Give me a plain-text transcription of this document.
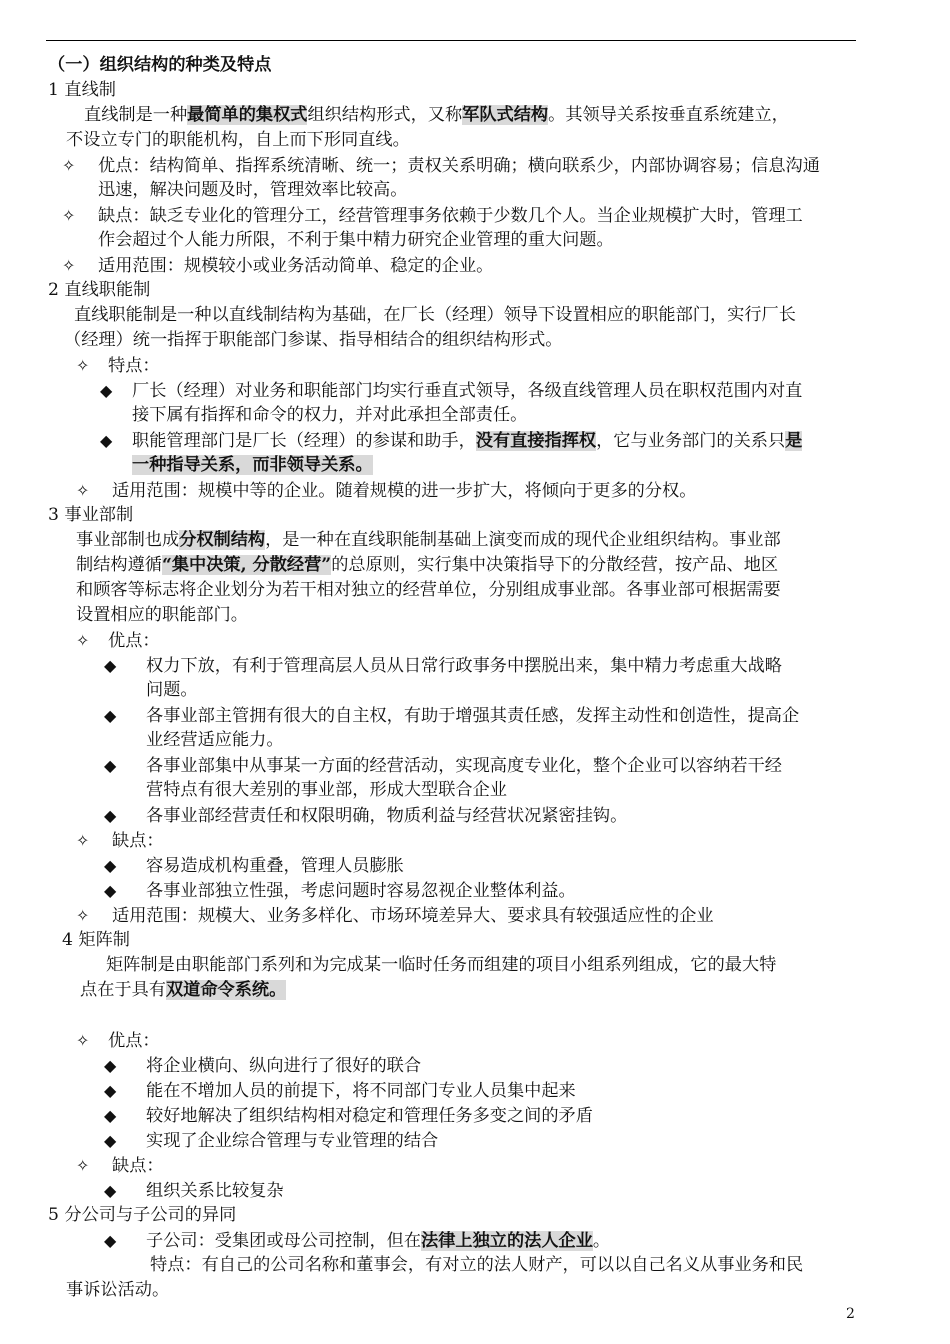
（一）组织结构的种类及特点
1 直线制
直线制是一种最简单的集权式组织结构形式，又称军队式结构。其领导关系按垂直系统建立，
不设立专门的职能机构，自上而下形同直线。
✧ 优点：结构简单、指挥系统清晰、统一；责权关系明确；横向联系少，内部协调容易；信息沟通
迅速，解决问题及时，管理效率比较高。
✧ 缺点：缺乏专业化的管理分工，经营管理事务依赖于少数几个人。当企业规模扩大时，管理工
作会超过个人能力所限，不利于集中精力研究企业管理的重大问题。
✧ 适用范围：规模较小或业务活动简单、稳定的企业。
2 直线职能制
直线职能制是一种以直线制结构为基础，在厂长（经理）领导下设置相应的职能部门，实行厂长
（经理）统一指挥于职能部门参谋、指导相结合的组织结构形式。
✧ 特点：
◆ 厂长（经理）对业务和职能部门均实行垂直式领导，各级直线管理人员在职权范围内对直
接下属有指挥和命令的权力，并对此承担全部责任。
◆ 职能管理部门是厂长（经理）的参谋和助手，没有直接指挥权，它与业务部门的关系只是
一种指导关系，而非领导关系。
✧ 适用范围：规模中等的企业。随着规模的进一步扩大，将倾向于更多的分权。
3 事业部制
事业部制也成分权制结构，是一种在直线职能制基础上演变而成的现代企业组织结构。事业部
制结构遵循“集中决策, 分散经营”的总原则，实行集中决策指导下的分散经营，按产品、地区
和顾客等标志将企业划分为若干相对独立的经营单位，分别组成事业部。各事业部可根据需要
设置相应的职能部门。
✧ 优点：
◆ 权力下放，有利于管理高层人员从日常行政事务中摆脱出来，集中精力考虑重大战略
问题。
◆ 各事业部主管拥有很大的自主权，有助于增强其责任感，发挥主动性和创造性，提高企
业经营适应能力。
◆ 各事业部集中从事某一方面的经营活动，实现高度专业化，整个企业可以容纳若干经
营特点有很大差别的事业部，形成大型联合企业
◆ 各事业部经营责任和权限明确，物质利益与经营状况紧密挂钩。
✧ 缺点：
◆ 容易造成机构重叠，管理人员膨胀
◆ 各事业部独立性强，考虑问题时容易忽视企业整体利益。
✧ 适用范围：规模大、业务多样化、市场环境差异大、要求具有较强适应性的企业
4 矩阵制
矩阵制是由职能部门系列和为完成某一临时任务而组建的项目小组系列组成，它的最大特
点在于具有双道命令系统。
✧ 优点：
◆ 将企业横向、纵向进行了很好的联合
◆ 能在不增加人员的前提下，将不同部门专业人员集中起来
◆ 较好地解决了组织结构相对稳定和管理任务多变之间的矛盾
◆ 实现了企业综合管理与专业管理的结合
✧ 缺点：
◆ 组织关系比较复杂
5 分公司与子公司的异同
◆ 子公司：受集团或母公司控制，但在法律上独立的法人企业。
特点：有自己的公司名称和董事会，有对立的法人财产，可以以自己名义从事业务和民
事诉讼活动。
2
